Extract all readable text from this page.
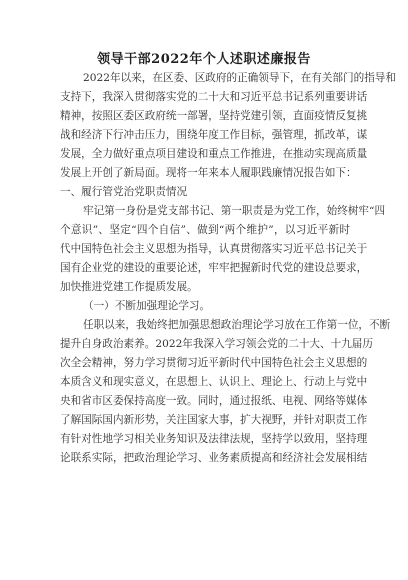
领导干部2022年个人述职述廉报告
2022年以来，在区委、区政府的正确领导下，在有关部门的指导和
支持下，我深入贯彻落实党的二十大和习近平总书记系列重要讲话
精神，按照区委区政府统一部署，坚持党建引领，直面疫情反复挑
战和经济下行冲击压力，围绕年度工作目标，强管理，抓改革，谋
发展，全力做好重点项目建设和重点工作推进，在推动实现高质量
发展上开创了新局面。现将一年来本人履职践廉情况报告如下：
一、履行管党治党职责情况
牢记第一身份是党支部书记、第一职责是为党工作，始终树牢“四
个意识”、坚定“四个自信”、做到“两个维护”，以习近平新时
代中国特色社会主义思想为指导，认真贯彻落实习近平总书记关于
国有企业党的建设的重要论述，牢牢把握新时代党的建设总要求，
加快推进党建工作提质发展。
（一）不断加强理论学习。
任职以来，我始终把加强思想政治理论学习放在工作第一位，不断
提升自身政治素养。2022年我深入学习领会党的二十大、十九届历
次全会精神，努力学习贯彻习近平新时代中国特色社会主义思想的
本质含义和现实意义，在思想上、认识上、理论上、行动上与党中
央和省市区委保持高度一致。同时，通过报纸、电视、网络等媒体
了解国际国内新形势，关注国家大事，扩大视野，并针对职责工作
有针对性地学习相关业务知识及法律法规，坚持学以致用，坚持理
论联系实际，把政治理论学习、业务素质提高和经济社会发展相结
